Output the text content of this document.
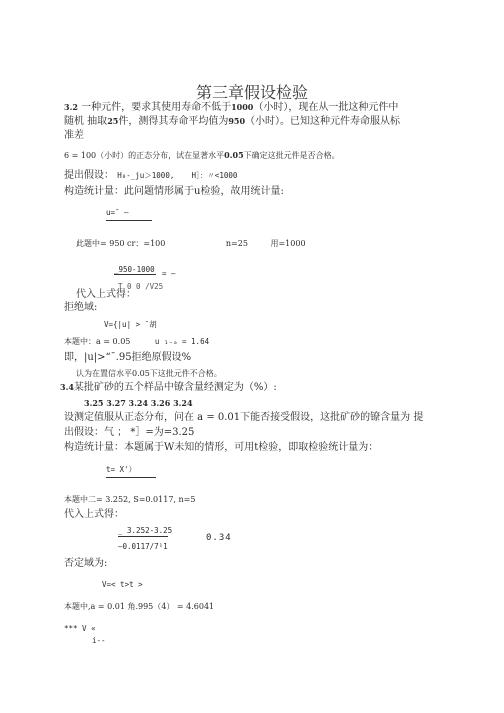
第三章假设检验
3.2 一种元件，要求其使用寿命不低于1000（小时），现在从一批这种元件中
随机 抽取25件，测得其寿命平均值为950（小时）。已知这种元件寿命服从标
准差
6 = 100（小时）的正态分布，试在显著水平0.05下确定这批元件是否合格。
提出假设： H₀-_ju＞1000, H］：〃<1000
构造统计量：此问题情形属于u检验，故用统计量:
u=ˉ —
此题中= 950 cr：=100	n=25	用=1000
_950-1000 = —
T 0 0 /V25
代入上式得：
拒绝域:
V={|u| > ˉ胡
本题中：a = 0.05	u ₁₋ₐ = 1.64
即，|u|>“ˉ.95拒绝原假设%
认为在置信水平0.05下这批元件不合格。
3.4某批矿砂的五个样品中镣含量经测定为（%）:
3.25 3.27 3.24 3.26 3.24
设测定值服从正态分布，问在 a = 0.01下能否接受假设，这批矿砂的镣含量为 提
出假设：气 ； *］=为=3.25
构造统计量：本题属于W未知的情形，可用t检验，即取检验统计量为：
t= X'）
本题中二= 3.252, S=0.0117, n=5
代入上式得：
_ 3.252-3.25
0.34
—0.0117/7¹1
否定域为:
V=< t>t >
本题中,a = 0.01 角.995（4） = 4.6041
*** V «
i--
